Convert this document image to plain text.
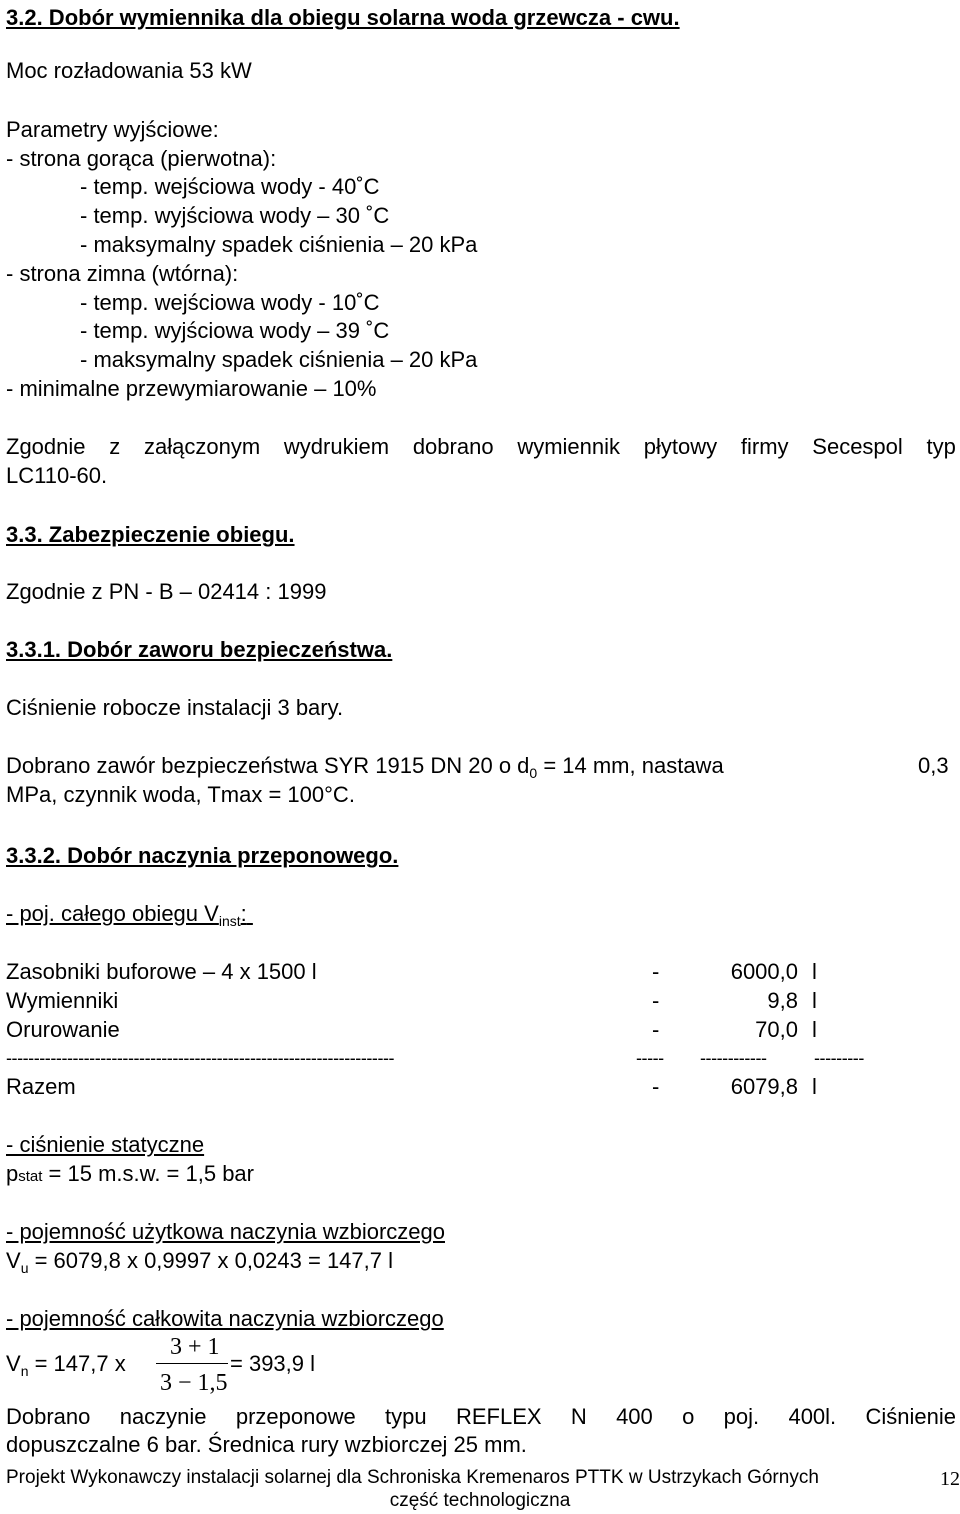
3.2. Dobór wymiennika dla obiegu solarna woda grzewcza - cwu.
Moc rozładowania 53 kW
Parametry wyjściowe:
- strona gorąca (pierwotna):
- temp. wejściowa wody - 40˚C
- temp. wyjściowa wody – 30 ˚C
- maksymalny spadek ciśnienia – 20 kPa
- strona zimna (wtórna):
- temp. wejściowa wody - 10˚C
- temp. wyjściowa wody – 39 ˚C
- maksymalny spadek ciśnienia – 20 kPa
- minimalne przewymiarowanie – 10%
Zgodnie z załączonym wydrukiem dobrano wymiennik płytowy firmy Secespol typ
LC110-60.
3.3. Zabezpieczenie obiegu.
Zgodnie z PN - B – 02414 : 1999
3.3.1. Dobór zaworu bezpieczeństwa.
Ciśnienie robocze instalacji 3 bary.
Dobrano zawór bezpieczeństwa SYR 1915 DN 20 o $d_0 = 14$ mm, nastawa	0,3
MPa, czynnik woda, Tmax = 100°C.
3.3.2. Dobór naczynia przeponowego.
- poj. całego obiegu $V_{inst}$:
Zasobniki buforowe – 4 x 1500 l	-	6000,0 l
Wymienniki	-	9,8 l
Orurowanie	-	70,0 l
----------------------------------------------------------------------	----- ------------	---------
Razem	-	6079,8 l
- ciśnienie statyczne
pstat = 15 m.s.w. = 1,5 bar
- pojemność użytkowa naczynia wzbiorczego
$V_u = 6079,8$ x 0,9997 x 0,0243 = 147,7 l
- pojemność całkowita naczynia wzbiorczego
$V_n = 147,7$ x
3 + 1
3 − 1,5
= 393,9 l
Dobrano naczynie przeponowe typu REFLEX N 400 o poj. 400l. Ciśnienie
dopuszczalne 6 bar. Średnica rury wzbiorczej 25 mm.
Projekt Wykonawczy instalacji solarnej dla Schroniska Kremenaros PTTK w Ustrzykach Górnych
część technologiczna
12
